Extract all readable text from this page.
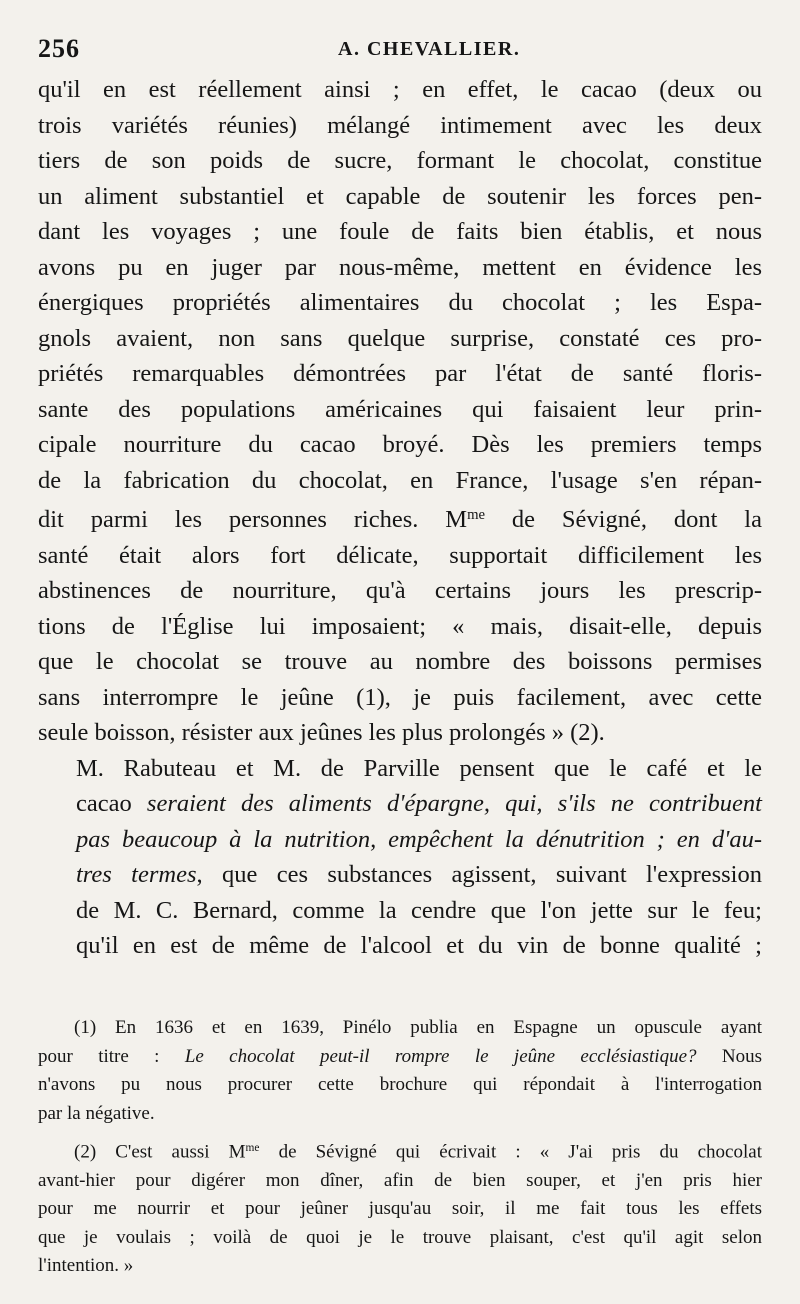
256	A. CHEVALLIER.

qu'il en est réellement ainsi ; en effet, le cacao (deux ou
trois variétés réunies) mélangé intimement avec les deux
tiers de son poids de sucre, formant le chocolat, constitue
un aliment substantiel et capable de soutenir les forces pen-
dant les voyages ; une foule de faits bien établis, et nous
avons pu en juger par nous-même, mettent en évidence les
énergiques propriétés alimentaires du chocolat ; les Espa-
gnols avaient, non sans quelque surprise, constaté ces pro-
priétés remarquables démontrées par l'état de santé floris-
sante des populations américaines qui faisaient leur prin-
cipale nourriture du cacao broyé. Dès les premiers temps
de la fabrication du chocolat, en France, l'usage s'en répan-
dit parmi les personnes riches. $M^{me}$ de Sévigné, dont la
santé était alors fort délicate, supportait difficilement les
abstinences de nourriture, qu'à certains jours les prescrip-
tions de l'Église lui imposaient; « mais, disait-elle, depuis
que le chocolat se trouve au nombre des boissons permises
sans interrompre le jeûne (1), je puis facilement, avec cette
seule boisson, résister aux jeûnes les plus prolongés » (2).

M. Rabuteau et M. de Parville pensent que le café et le
cacao seraient des aliments d'épargne, qui, s'ils ne contribuent
pas beaucoup à la nutrition, empêchent la dénutrition ; en d'au-
tres termes, que ces substances agissent, suivant l'expression
de M. C. Bernard, comme la cendre que l'on jette sur le feu;
qu'il en est de même de l'alcool et du vin de bonne qualité ;

(1) En 1636 et en 1639, Pinélo publia en Espagne un opuscule ayant
pour titre : Le chocolat peut-il rompre le jeûne ecclésiastique? Nous
n'avons pu nous procurer cette brochure qui répondait à l'interrogation
par la négative.
(2) C'est aussi $M^{me}$ de Sévigné qui écrivait : « J'ai pris du chocolat
avant-hier pour digérer mon dîner, afin de bien souper, et j'en pris hier
pour me nourrir et pour jeûner jusqu'au soir, il me fait tous les effets
que je voulais ; voilà de quoi je le trouve plaisant, c'est qu'il agit selon
l'intention. »
